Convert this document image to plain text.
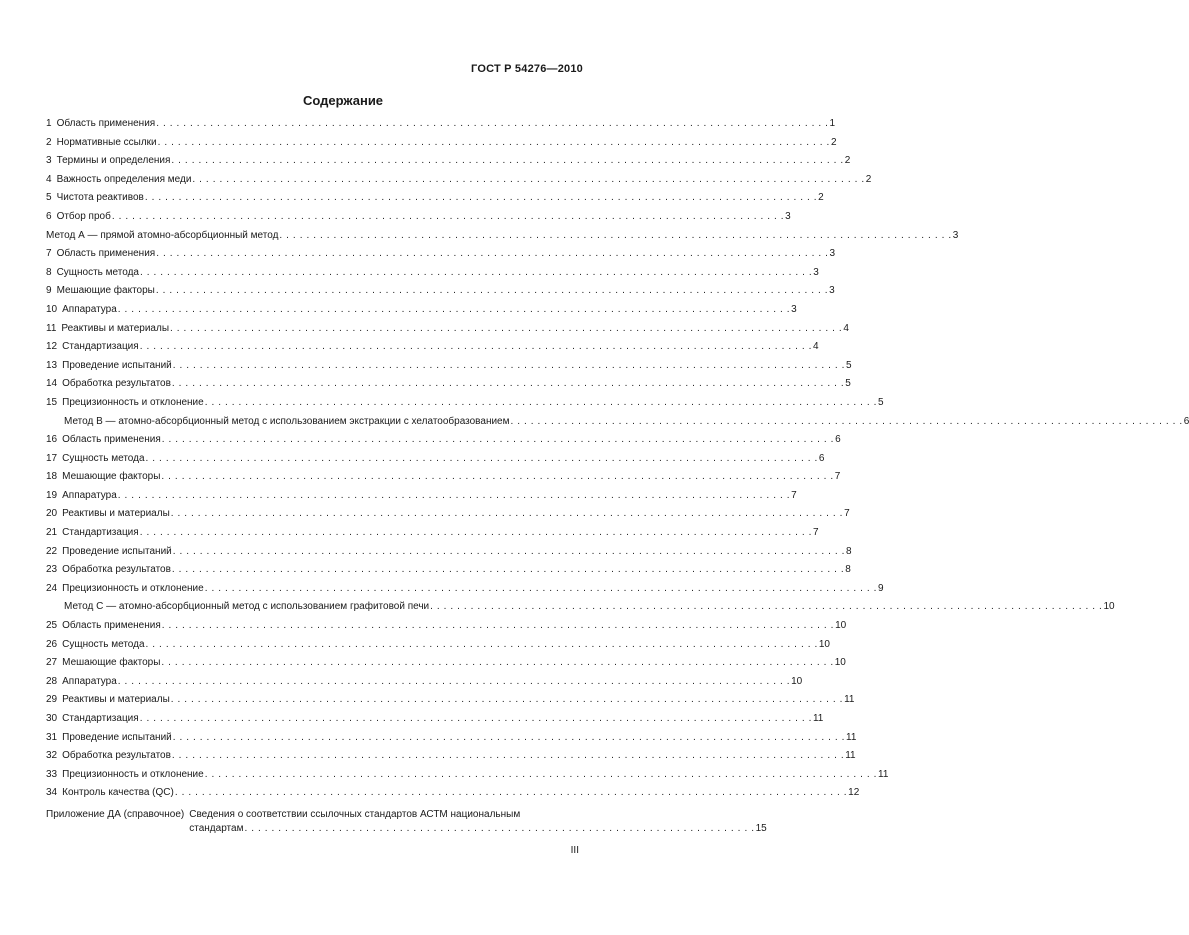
ГОСТ Р 54276—2010
Содержание
1 Область применения . . .	1
2 Нормативные ссылки . . .	2
3 Термины и определения . . .	2
4 Важность определения меди . . .	2
5 Чистота реактивов . . .	2
6 Отбор проб . . .	3
Метод А — прямой атомно-абсорбционный метод . . .	3
7 Область применения . . .	3
8 Сущность метода . . .	3
9 Мешающие факторы . . .	3
10 Аппаратура . . .	3
11 Реактивы и материалы . . .	4
12 Стандартизация . . .	4
13 Проведение испытаний . . .	5
14 Обработка результатов . . .	5
15 Прецизионность и отклонение . . .	5
Метод В — атомно-абсорбционный метод с использованием экстракции с хелатообразованием . . .	6
16 Область применения . . .	6
17 Сущность метода . . .	6
18 Мешающие факторы . . .	7
19 Аппаратура . . .	7
20 Реактивы и материалы . . .	7
21 Стандартизация . . .	7
22 Проведение испытаний . . .	8
23 Обработка результатов . . .	8
24 Прецизионность и отклонение . . .	9
Метод С — атомно-абсорбционный метод с использованием графитовой печи . . .	10
25 Область применения . . .	10
26 Сущность метода . . .	10
27 Мешающие факторы . . .	10
28 Аппаратура . . .	10
29 Реактивы и материалы . . .	11
30 Стандартизация . . .	11
31 Проведение испытаний . . .	11
32 Обработка результатов . . .	11
33 Прецизионность и отклонение . . .	11
34 Контроль качества (QC) . . .	12
Приложение ДА (справочное) Сведения о соответствии ссылочных стандартов АСТМ национальным
стандартам . . .	15
III
